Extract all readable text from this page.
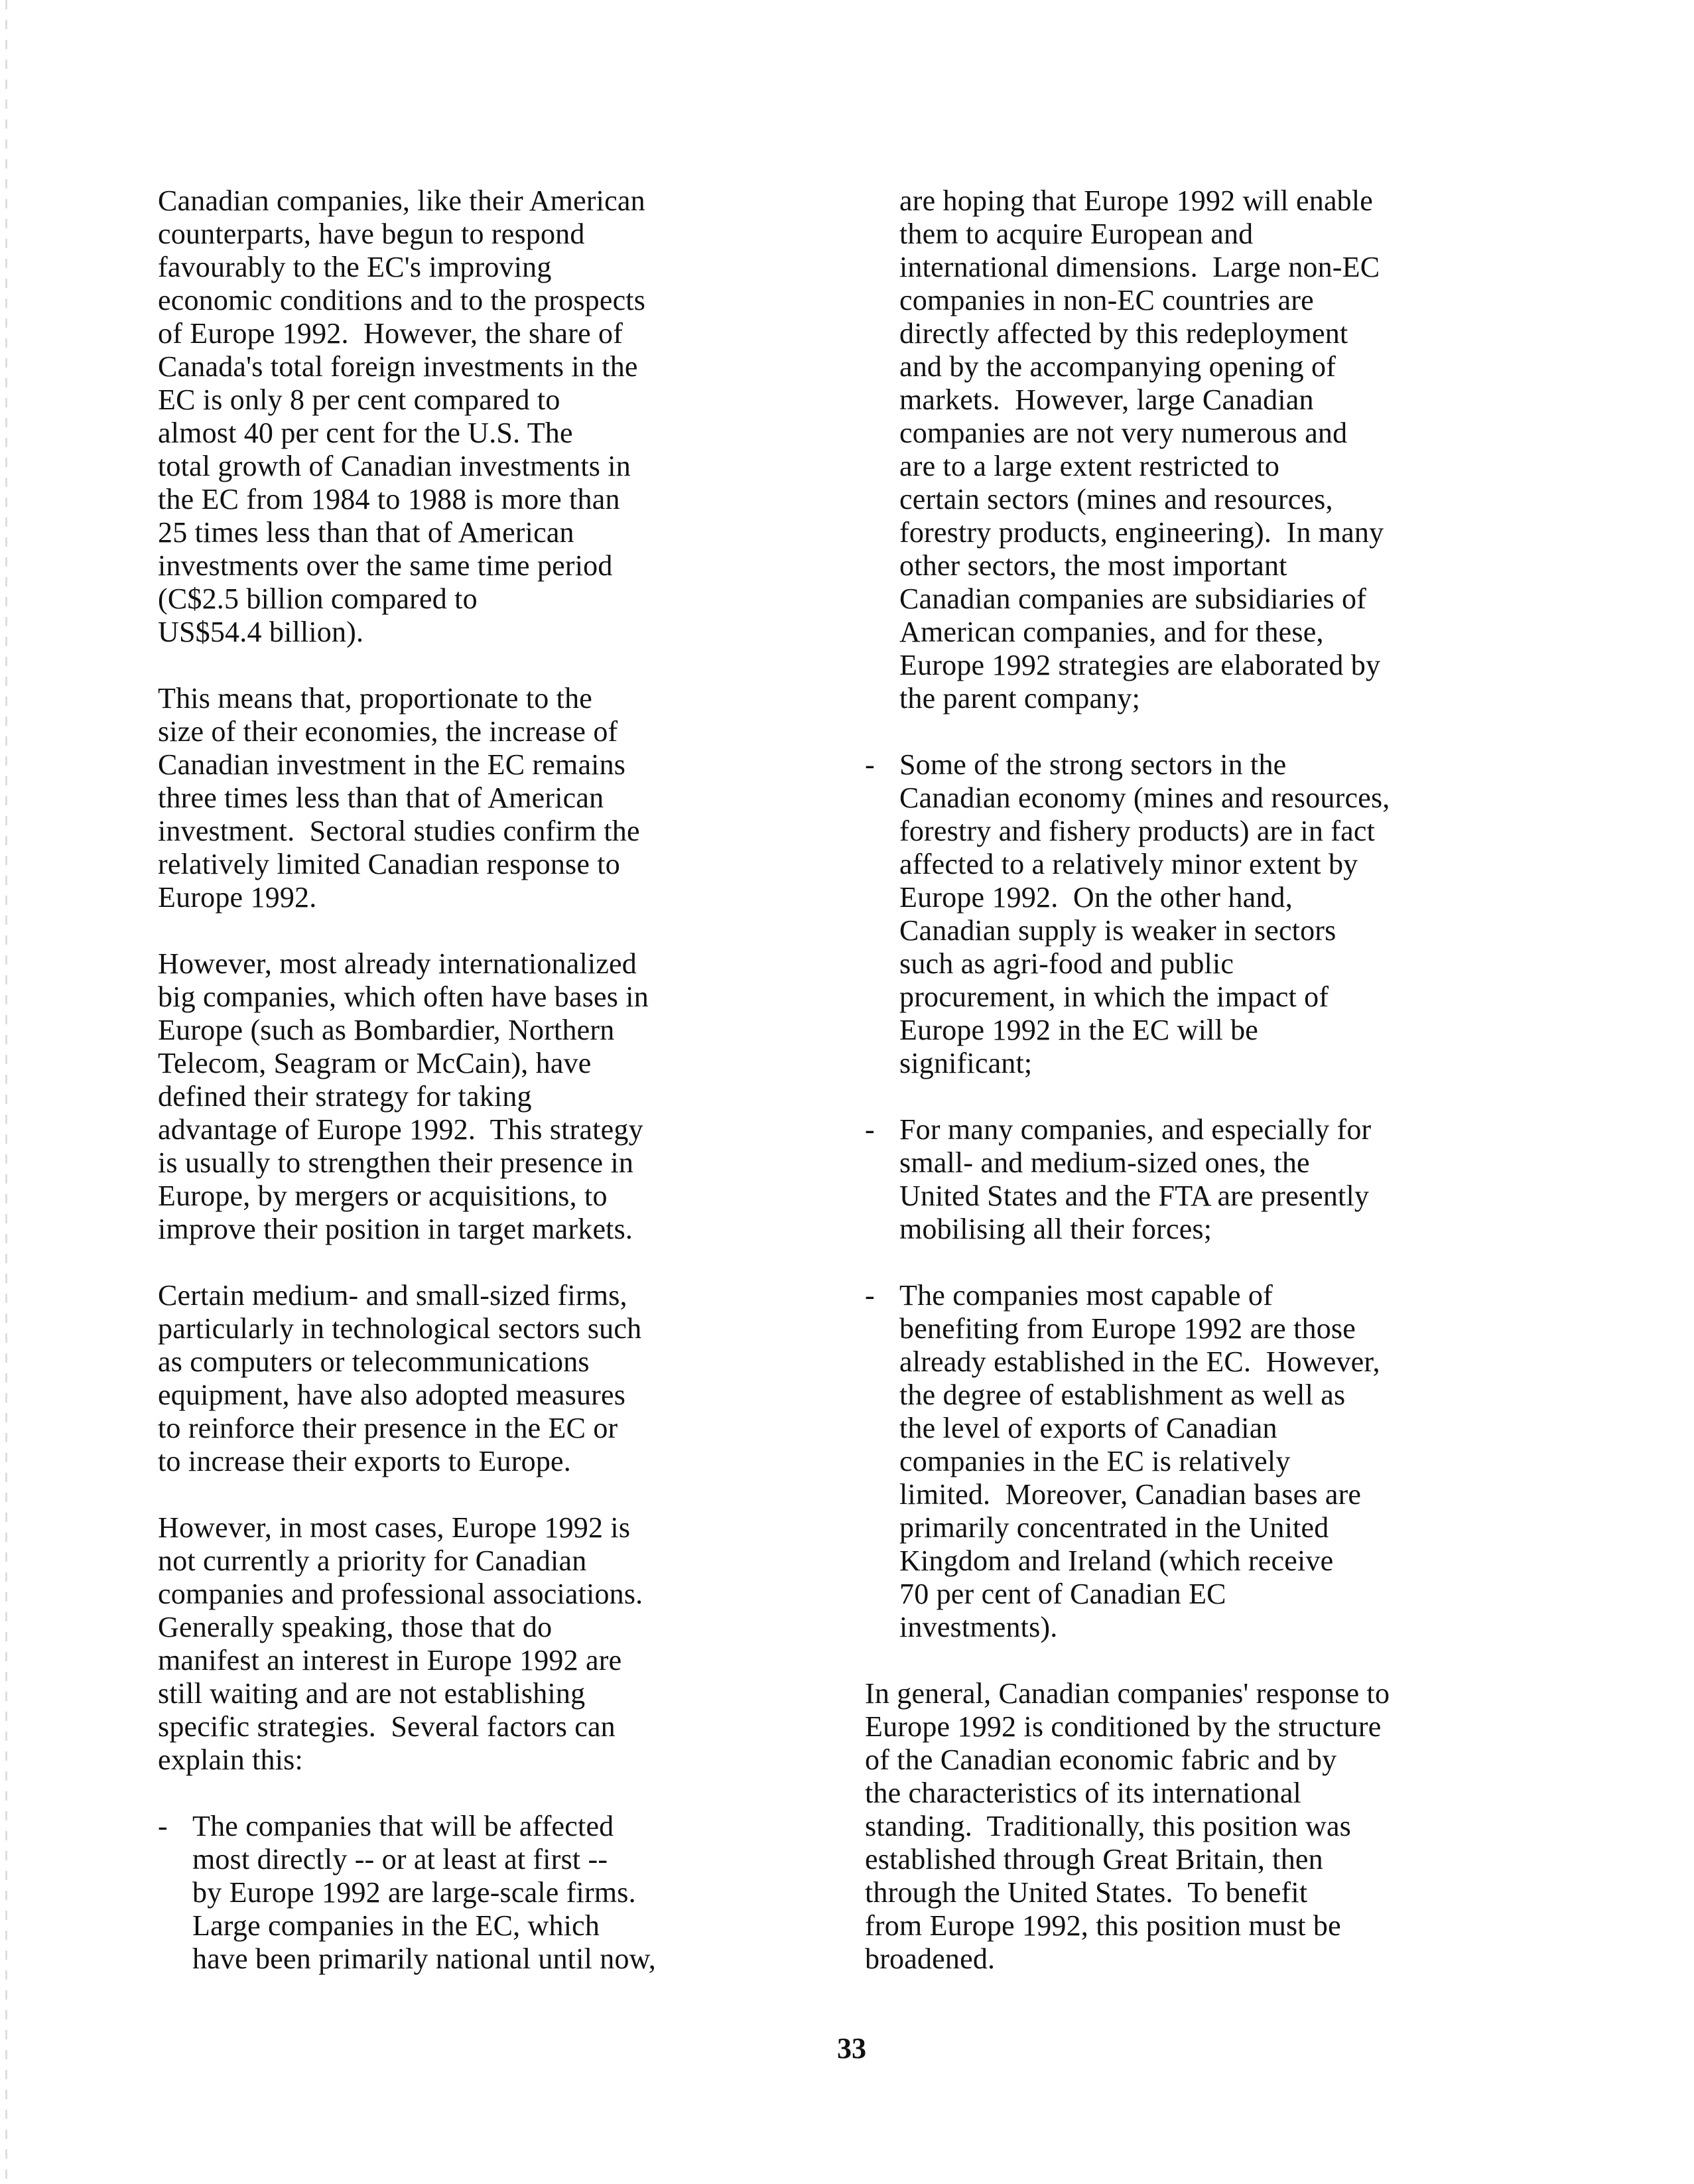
Canadian companies, like their American
counterparts, have begun to respond
favourably to the EC's improving
economic conditions and to the prospects
of Europe 1992.  However, the share of
Canada's total foreign investments in the
EC is only 8 per cent compared to
almost 40 per cent for the U.S. The
total growth of Canadian investments in
the EC from 1984 to 1988 is more than
25 times less than that of American
investments over the same time period
(C$2.5 billion compared to
US$54.4 billion).
This means that, proportionate to the
size of their economies, the increase of
Canadian investment in the EC remains
three times less than that of American
investment.  Sectoral studies confirm the
relatively limited Canadian response to
Europe 1992.
However, most already internationalized
big companies, which often have bases in
Europe (such as Bombardier, Northern
Telecom, Seagram or McCain), have
defined their strategy for taking
advantage of Europe 1992.  This strategy
is usually to strengthen their presence in
Europe, by mergers or acquisitions, to
improve their position in target markets.
Certain medium- and small-sized firms,
particularly in technological sectors such
as computers or telecommunications
equipment, have also adopted measures
to reinforce their presence in the EC or
to increase their exports to Europe.
However, in most cases, Europe 1992 is
not currently a priority for Canadian
companies and professional associations.
Generally speaking, those that do
manifest an interest in Europe 1992 are
still waiting and are not establishing
specific strategies.  Several factors can
explain this:
- The companies that will be affected
most directly -- or at least at first --
by Europe 1992 are large-scale firms.
Large companies in the EC, which
have been primarily national until now,
are hoping that Europe 1992 will enable
them to acquire European and
international dimensions.  Large non-EC
companies in non-EC countries are
directly affected by this redeployment
and by the accompanying opening of
markets.  However, large Canadian
companies are not very numerous and
are to a large extent restricted to
certain sectors (mines and resources,
forestry products, engineering).  In many
other sectors, the most important
Canadian companies are subsidiaries of
American companies, and for these,
Europe 1992 strategies are elaborated by
the parent company;
- Some of the strong sectors in the
Canadian economy (mines and resources,
forestry and fishery products) are in fact
affected to a relatively minor extent by
Europe 1992.  On the other hand,
Canadian supply is weaker in sectors
such as agri-food and public
procurement, in which the impact of
Europe 1992 in the EC will be
significant;
- For many companies, and especially for
small- and medium-sized ones, the
United States and the FTA are presently
mobilising all their forces;
- The companies most capable of
benefiting from Europe 1992 are those
already established in the EC.  However,
the degree of establishment as well as
the level of exports of Canadian
companies in the EC is relatively
limited.  Moreover, Canadian bases are
primarily concentrated in the United
Kingdom and Ireland (which receive
70 per cent of Canadian EC
investments).
In general, Canadian companies' response to
Europe 1992 is conditioned by the structure
of the Canadian economic fabric and by
the characteristics of its international
standing.  Traditionally, this position was
established through Great Britain, then
through the United States.  To benefit
from Europe 1992, this position must be
broadened.
33
